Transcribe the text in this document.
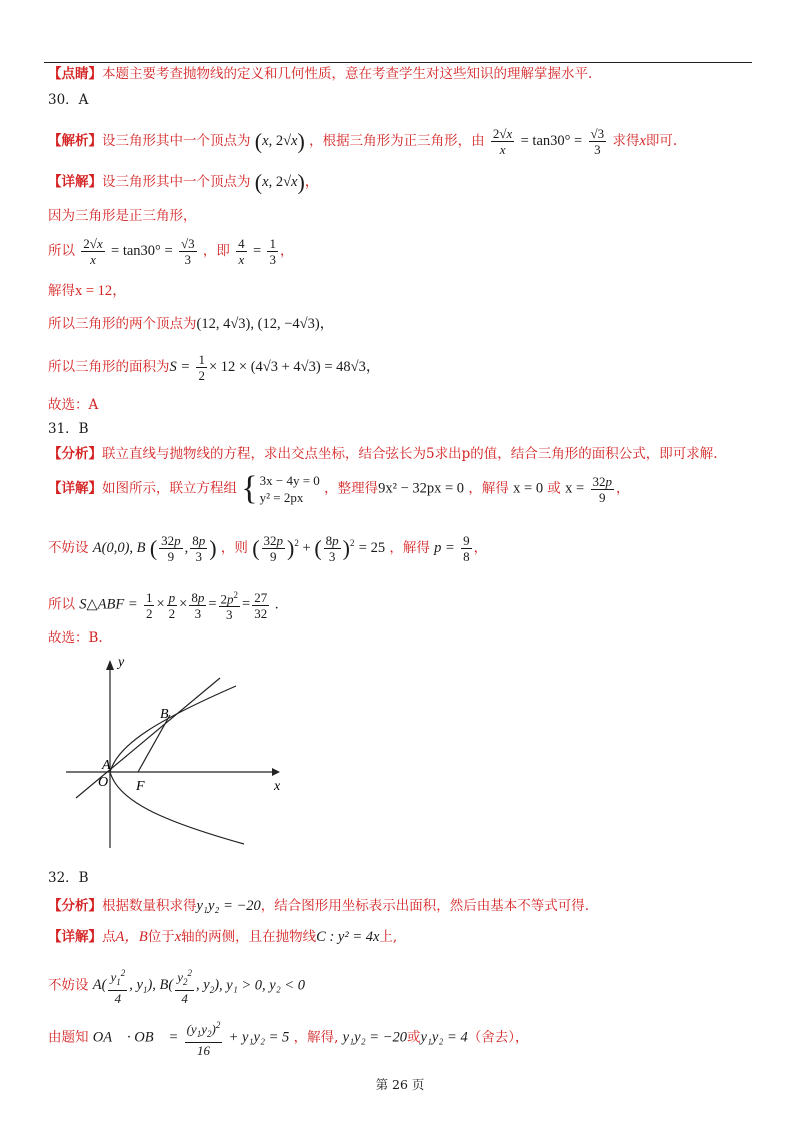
【点睛】本题主要考查抛物线的定义和几何性质，意在考查学生对这些知识的理解掌握水平.
30．A
【解析】设三角形其中一个顶点为 (x, 2√x) ，根据三角形为正三角形，由 $\frac{2√x}{x} = \tan 30^\circ = \frac{√3}{3}$ 求得x即可.
【详解】设三角形其中一个顶点为 (x, 2√x)，
因为三角形是正三角形，
所以 $\frac{2√x}{x} = \tan 30^\circ = \frac{√3}{3}$ ，即 $\frac{4}{x} = \frac{1}{3}$ ，
解得x = 12，
所以三角形的两个顶点为(12, 4√3), (12, −4√3)，
所以三角形的面积为$S = \frac{1}{2} \times 12 \times (4√3 + 4√3) = 48√3$，
故选：A
31．B
【分析】联立直线与抛物线的方程，求出交点坐标，结合弦长为5求出p的值，结合三角形的面积公式，即可求解.
【详解】如图所示，联立方程组 { 3x − 4y = 0
y² = 2px
，整理得9x² − 32px = 0 ，解得 x = 0 或 $x = \frac{32p}{9}$ ，
不妨设 A(0,0), B ( $\frac{32p}{9}$ , $\frac{8p}{3}$ ) ，则 ( $\frac{32p}{9} )^2$ + ( $\frac{8p}{3} )^2 = 25$ ，解得 $p = \frac{9}{8}$ ，
所以 S△ABF = $\frac{1}{2} \times \frac{p}{2} \times \frac{8p}{3} = \frac{2p^2}{3} = \frac{27}{32}$ .
故选：B.
y
x
A
O F
B
32．B
【分析】根据数量积求得y₁y₂ = −20，结合图形用坐标表示出面积，然后由基本不等式可得.
【详解】点A，B位于x轴的两侧，且在抛物线C : y² = 4x上,
不妨设 $A( \frac{y_1^2}{4}$ , $y_1$), $B( \frac{y_2^2}{4}$ , $y_2$), y₁ > 0, y₂ < 0
由题知 OA⃗ · OB⃗ = $\frac{(y_1y_2)^2}{16} + y_1y_2 = 5$ ，解得, y₁y₂ = −20或y₁y₂ = 4（舍去），
第 26 页
